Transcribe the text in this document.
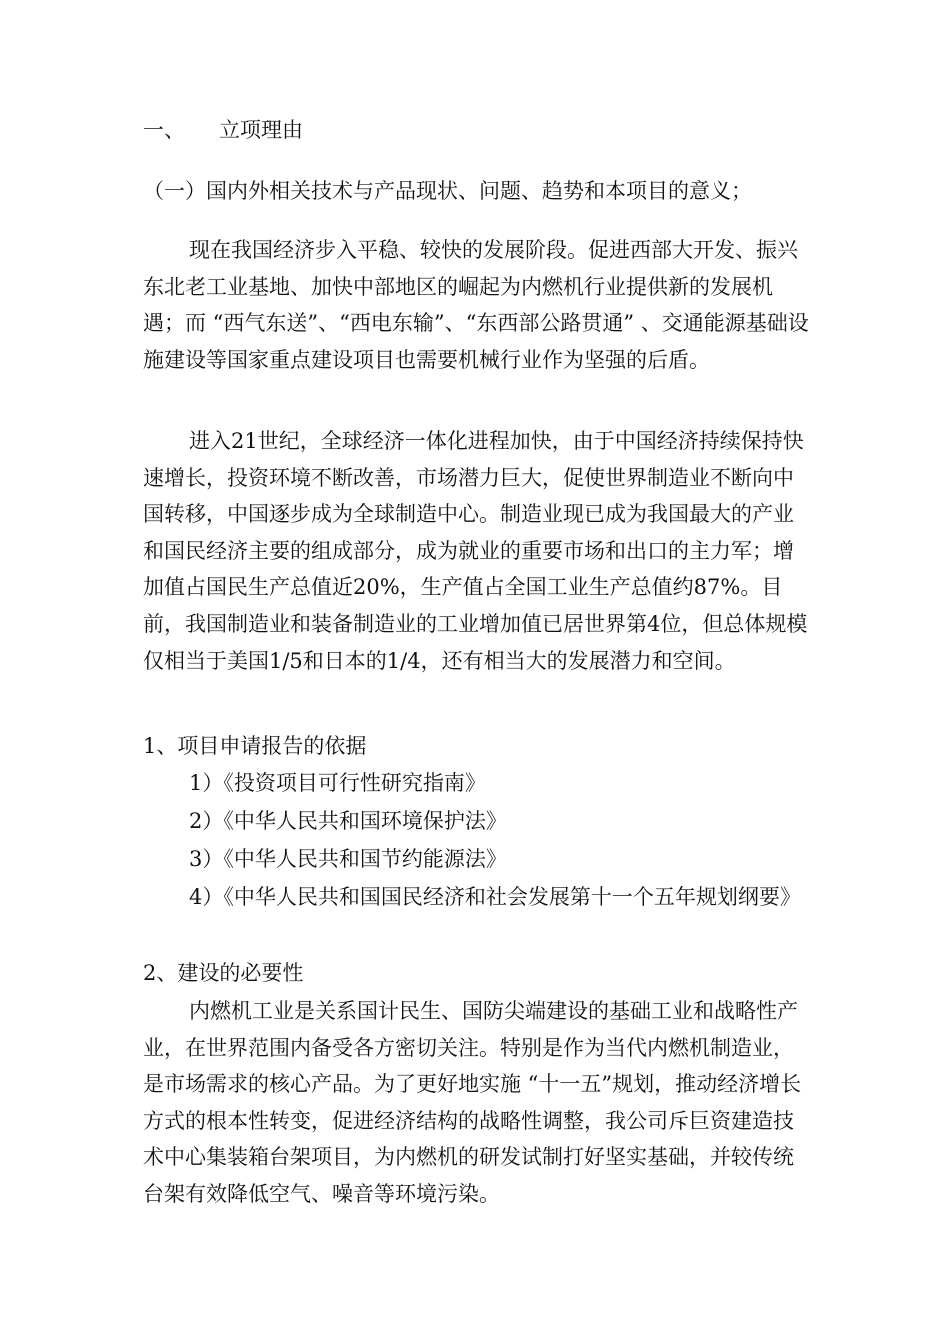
一、 立项理由
（一）国内外相关技术与产品现状、问题、趋势和本项目的意义；

现在我国经济步入平稳、较快的发展阶段。促进西部大开发、振兴东北老工业基地、加快中部地区的崛起为内燃机行业提供新的发展机遇；而 “西气东送”、“西电东输”、“东西部公路贯通” 、交通能源基础设施建设等国家重点建设项目也需要机械行业作为坚强的后盾。

进入21世纪，全球经济一体化进程加快，由于中国经济持续保持快速增长，投资环境不断改善，市场潜力巨大，促使世界制造业不断向中国转移，中国逐步成为全球制造中心。制造业现已成为我国最大的产业和国民经济主要的组成部分，成为就业的重要市场和出口的主力军；增加值占国民生产总值近20%，生产值占全国工业生产总值约87%。目前，我国制造业和装备制造业的工业增加值已居世界第4位，但总体规模仅相当于美国1/5和日本的1/4，还有相当大的发展潜力和空间。

1、项目申请报告的依据
1）《投资项目可行性研究指南》
2）《中华人民共和国环境保护法》
3）《中华人民共和国节约能源法》
4）《中华人民共和国国民经济和社会发展第十一个五年规划纲要》
2、建设的必要性

内燃机工业是关系国计民生、国防尖端建设的基础工业和战略性产业，在世界范围内备受各方密切关注。特别是作为当代内燃机制造业，是市场需求的核心产品。为了更好地实施 “十一五”规划，推动经济增长方式的根本性转变，促进经济结构的战略性调整，我公司斥巨资建造技术中心集装箱台架项目，为内燃机的研发试制打好坚实基础，并较传统台架有效降低空气、噪音等环境污染。
